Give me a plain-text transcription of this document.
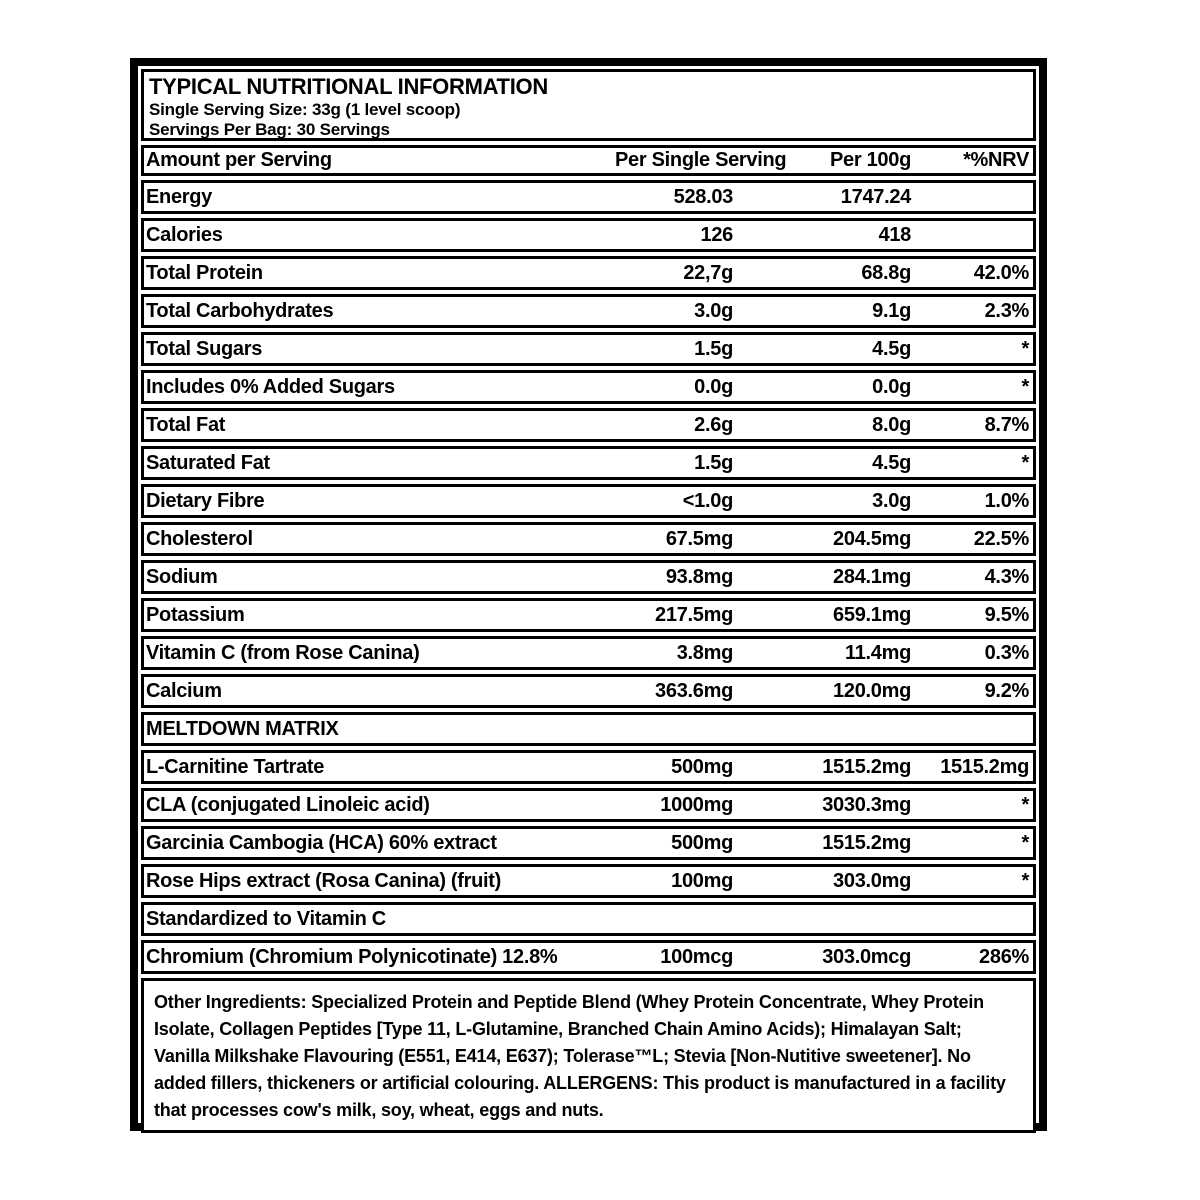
TYPICAL NUTRITIONAL INFORMATION
Single Serving Size: 33g (1 level scoop)
Servings Per Bag: 30 Servings
Amount per Serving	Per Single Serving	Per 100g	*%NRV
Energy	528.03	1747.24
Calories	126	418
Total Protein	22,7g	68.8g	42.0%
Total Carbohydrates	3.0g	9.1g	2.3%
Total Sugars	1.5g	4.5g	*
Includes 0% Added Sugars	0.0g	0.0g	*
Total Fat	2.6g	8.0g	8.7%
Saturated Fat	1.5g	4.5g	*
Dietary Fibre	<1.0g	3.0g	1.0%
Cholesterol	67.5mg	204.5mg	22.5%
Sodium	93.8mg	284.1mg	4.3%
Potassium	217.5mg	659.1mg	9.5%
Vitamin C (from Rose Canina)	3.8mg	11.4mg	0.3%
Calcium	363.6mg	120.0mg	9.2%
MELTDOWN MATRIX
L-Carnitine Tartrate	500mg	1515.2mg	1515.2mg
CLA (conjugated Linoleic acid)	1000mg	3030.3mg	*
Garcinia Cambogia (HCA) 60% extract	500mg	1515.2mg	*
Rose Hips extract (Rosa Canina) (fruit)	100mg	303.0mg	*
Standardized to Vitamin C
Chromium (Chromium Polynicotinate) 12.8%	100mcg	303.0mcg	286%

Other Ingredients: Specialized Protein and Peptide Blend (Whey Protein Concentrate, Whey Protein Isolate, Collagen Peptides [Type 11, L-Glutamine, Branched Chain Amino Acids); Himalayan Salt; Vanilla Milkshake Flavouring (E551, E414, E637); Tolerase™L; Stevia [Non-Nutitive sweetener]. No added fillers, thickeners or artificial colouring. ALLERGENS: This product is manufactured in a facility that processes cow's milk, soy, wheat, eggs and nuts.
